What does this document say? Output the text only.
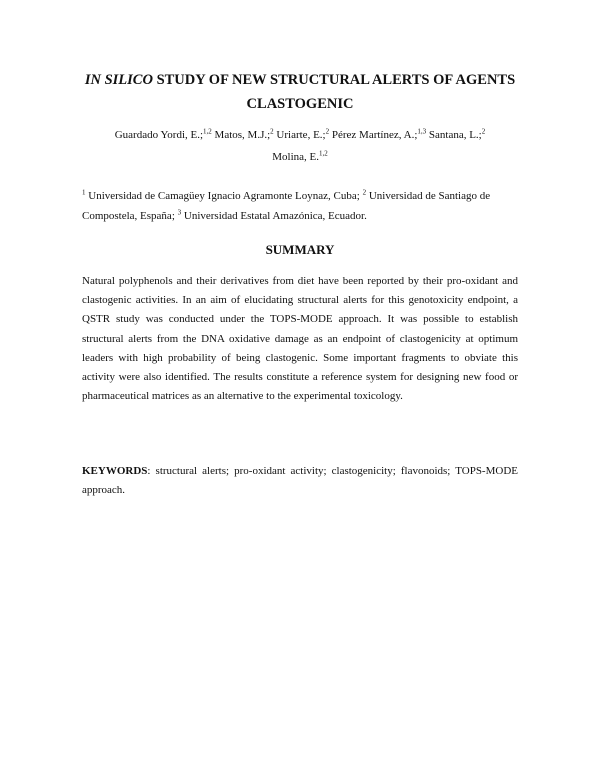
IN SILICO STUDY OF NEW STRUCTURAL ALERTS OF AGENTS CLASTOGENIC
Guardado Yordi, E.;$^{1,2}$ Matos, M.J.;$^2$ Uriarte, E.;$^2$ Pérez Martínez, A.;$^{1,3}$ Santana, L.;$^2$
Molina, E.$^{1,2}$
$^1$ Universidad de Camagüey Ignacio Agramonte Loynaz, Cuba; $^2$ Universidad de Santiago de Compostela, España; $^3$ Universidad Estatal Amazónica, Ecuador.
SUMMARY

Natural polyphenols and their derivatives from diet have been reported by their pro-oxidant and clastogenic activities. In an aim of elucidating structural alerts for this genotoxicity endpoint, a QSTR study was conducted under the TOPS-MODE approach. It was possible to establish structural alerts from the DNA oxidative damage as an endpoint of clastogenicity at optimum leaders with high probability of being clastogenic. Some important fragments to obviate this activity were also identified. The results constitute a reference system for designing new food or pharmaceutical matrices as an alternative to the experimental toxicology.

KEYWORDS: structural alerts; pro-oxidant activity; clastogenicity; flavonoids; TOPS-MODE approach.
